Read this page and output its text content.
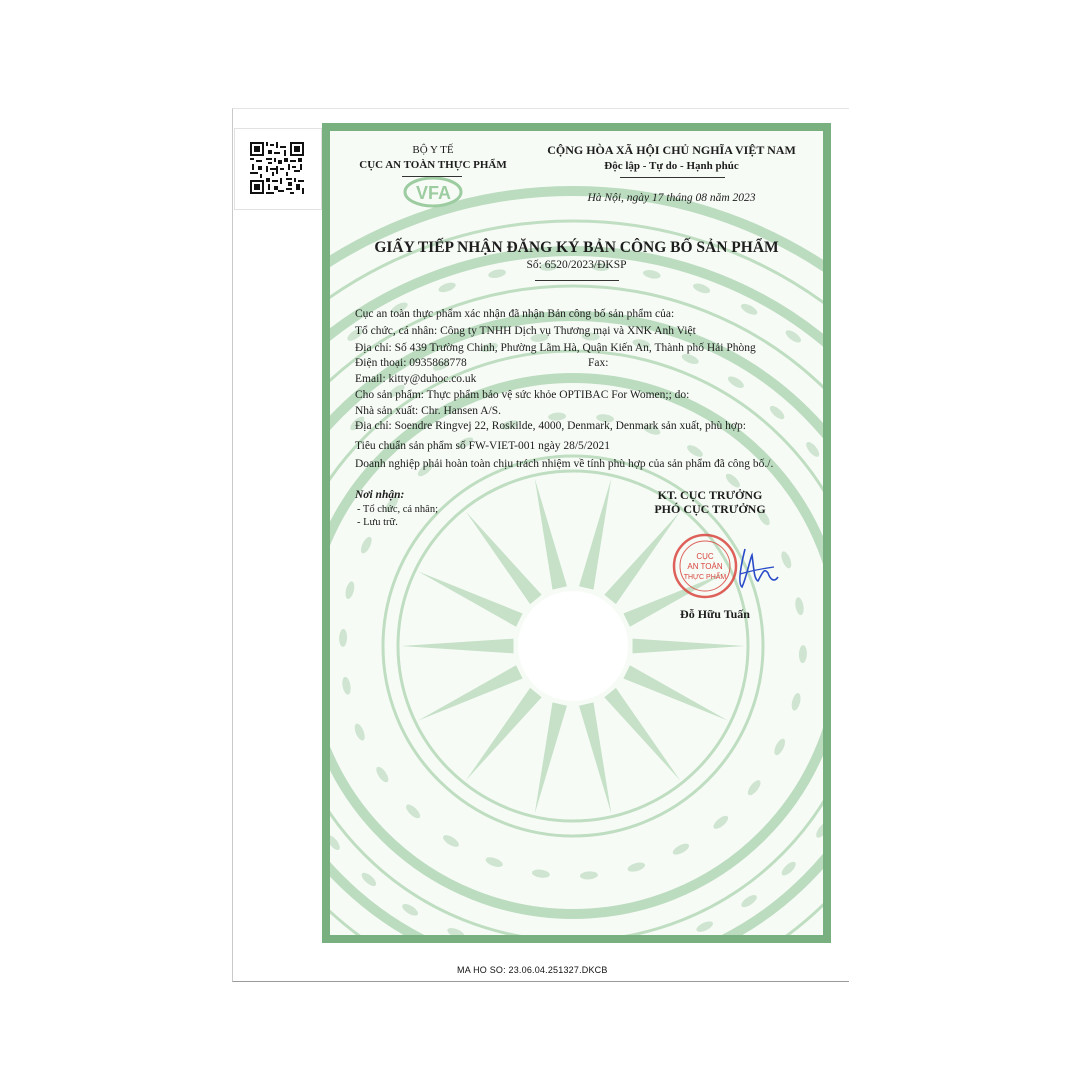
VFA
BỘ Y TẾ
CỤC AN TOÀN THỰC PHẨM
CỘNG HÒA XÃ HỘI CHỦ NGHĨA VIỆT NAM
Độc lập - Tự do - Hạnh phúc
Hà Nội, ngày 17 tháng 08 năm 2023
GIẤY TIẾP NHẬN ĐĂNG KÝ BẢN CÔNG BỐ SẢN PHẨM
Số: 6520/2023/ĐKSP
Cục an toàn thực phẩm xác nhận đã nhận Bản công bố sản phẩm của:
Tổ chức, cá nhân: Công ty TNHH Dịch vụ Thương mại và XNK Anh Việt
Địa chỉ: Số 439 Trường Chinh, Phường Lãm Hà, Quận Kiến An, Thành phố Hải Phòng
Điện thoại: 0935868778	Fax:
Email: kitty@duhoc.co.uk
Cho sản phẩm: Thực phẩm bảo vệ sức khỏe OPTIBAC For Women;; do:
Nhà sản xuất: Chr. Hansen A/S.
Địa chỉ: Soendre Ringvej 22, Roskilde, 4000, Denmark, Denmark sản xuất, phù hợp:
Tiêu chuẩn sản phẩm số FW-VIET-001 ngày 28/5/2021
Doanh nghiệp phải hoàn toàn chịu trách nhiệm về tính phù hợp của sản phẩm đã công bố./.
Nơi nhận:
- Tổ chức, cá nhân;
- Lưu trữ.
KT. CỤC TRƯỞNG
PHÓ CỤC TRƯỞNG
CỤC
AN TOÀN
THỰC PHẨM
Đỗ Hữu Tuấn
MA HO SO: 23.06.04.251327.DKCB
